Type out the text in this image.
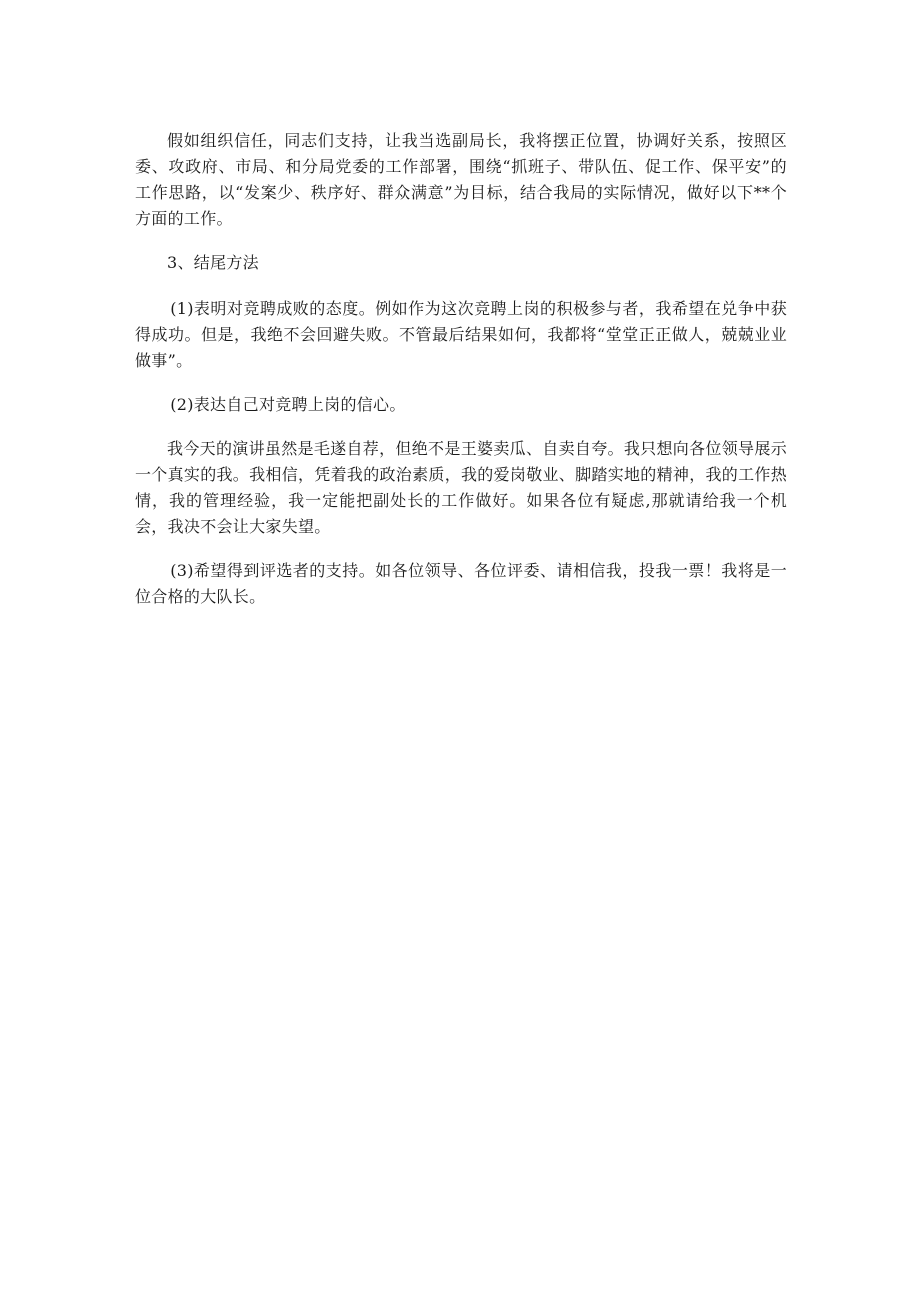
假如组织信任，同志们支持，让我当选副局长，我将摆正位置，协调好关系，按照区委、攻政府、市局、和分局党委的工作部署，围绕“抓班子、带队伍、促工作、保平安”的工作思路，以“发案少、秩序好、群众满意”为目标，结合我局的实际情况，做好以下**个方面的工作。

3、结尾方法

(1)表明对竞聘成败的态度。例如作为这次竞聘上岗的积极参与者，我希望在兑争中获得成功。但是，我绝不会回避失败。不管最后结果如何，我都将“堂堂正正做人，兢兢业业做事”。

(2)表达自己对竞聘上岗的信心。

我今天的演讲虽然是毛遂自荐，但绝不是王婆卖瓜、自卖自夸。我只想向各位领导展示一个真实的我。我相信，凭着我的政治素质，我的爱岗敬业、脚踏实地的精神，我的工作热情，我的管理经验，我一定能把副处长的工作做好。如果各位有疑虑,那就请给我一个机会，我决不会让大家失望。

(3)希望得到评选者的支持。如各位领导、各位评委、请相信我，投我一票！我将是一位合格的大队长。
